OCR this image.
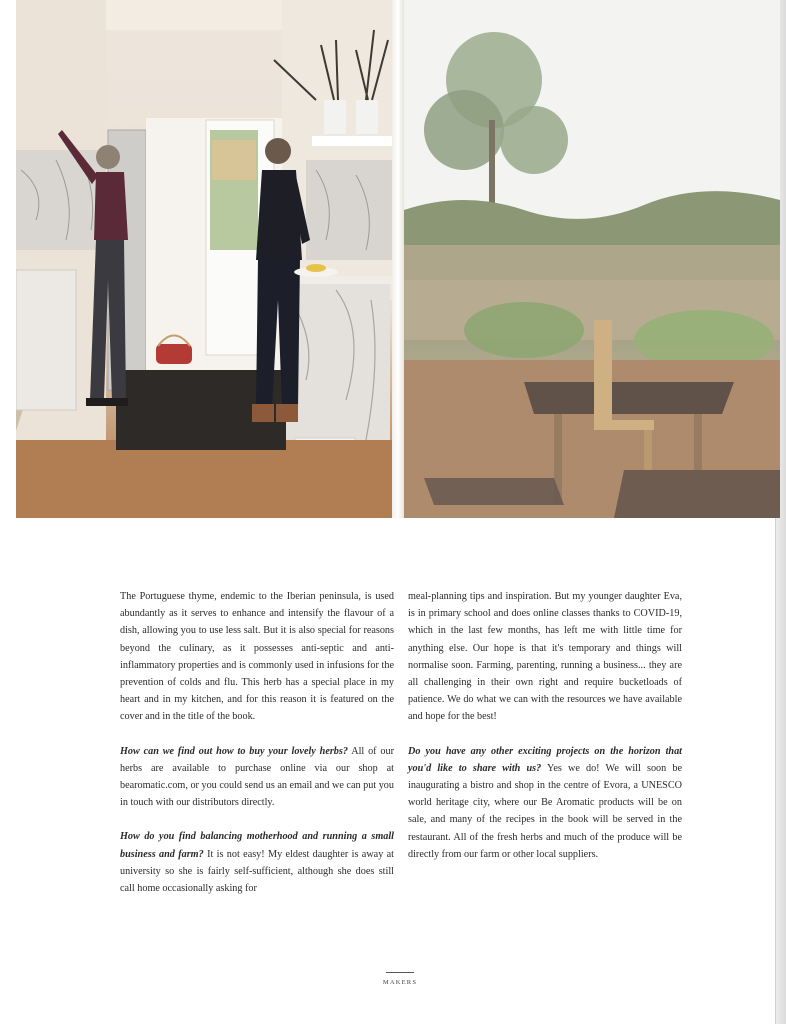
The Portuguese thyme, endemic to the Iberian peninsula, is used abundantly as it serves to enhance and intensify the flavour of a dish, allowing you to use less salt. But it is also special for reasons beyond the culinary, as it possesses anti-septic and anti-inflammatory properties and is commonly used in infusions for the prevention of colds and flu. This herb has a special place in my heart and in my kitchen, and for this reason it is featured on the cover and in the title of the book.

How can we find out how to buy your lovely herbs? All of our herbs are available to purchase online via our shop at bearomatic.com, or you could send us an email and we can put you in touch with our distributors directly.

How do you find balancing motherhood and running a small business and farm? It is not easy! My eldest daughter is away at university so she is fairly self-sufficient, although she does still call home occasionally asking for

meal-planning tips and inspiration. But my younger daughter Eva, is in primary school and does online classes thanks to COVID-19, which in the last few months, has left me with little time for anything else. Our hope is that it's temporary and things will normalise soon. Farming, parenting, running a business... they are all challenging in their own right and require bucketloads of patience. We do what we can with the resources we have available and hope for the best!

Do you have any other exciting projects on the horizon that you'd like to share with us? Yes we do! We will soon be inaugurating a bistro and shop in the centre of Evora, a UNESCO world heritage city, where our Be Aromatic products will be on sale, and many of the recipes in the book will be served in the restaurant. All of the fresh herbs and much of the produce will be directly from our farm or other local suppliers.

MAKERS
